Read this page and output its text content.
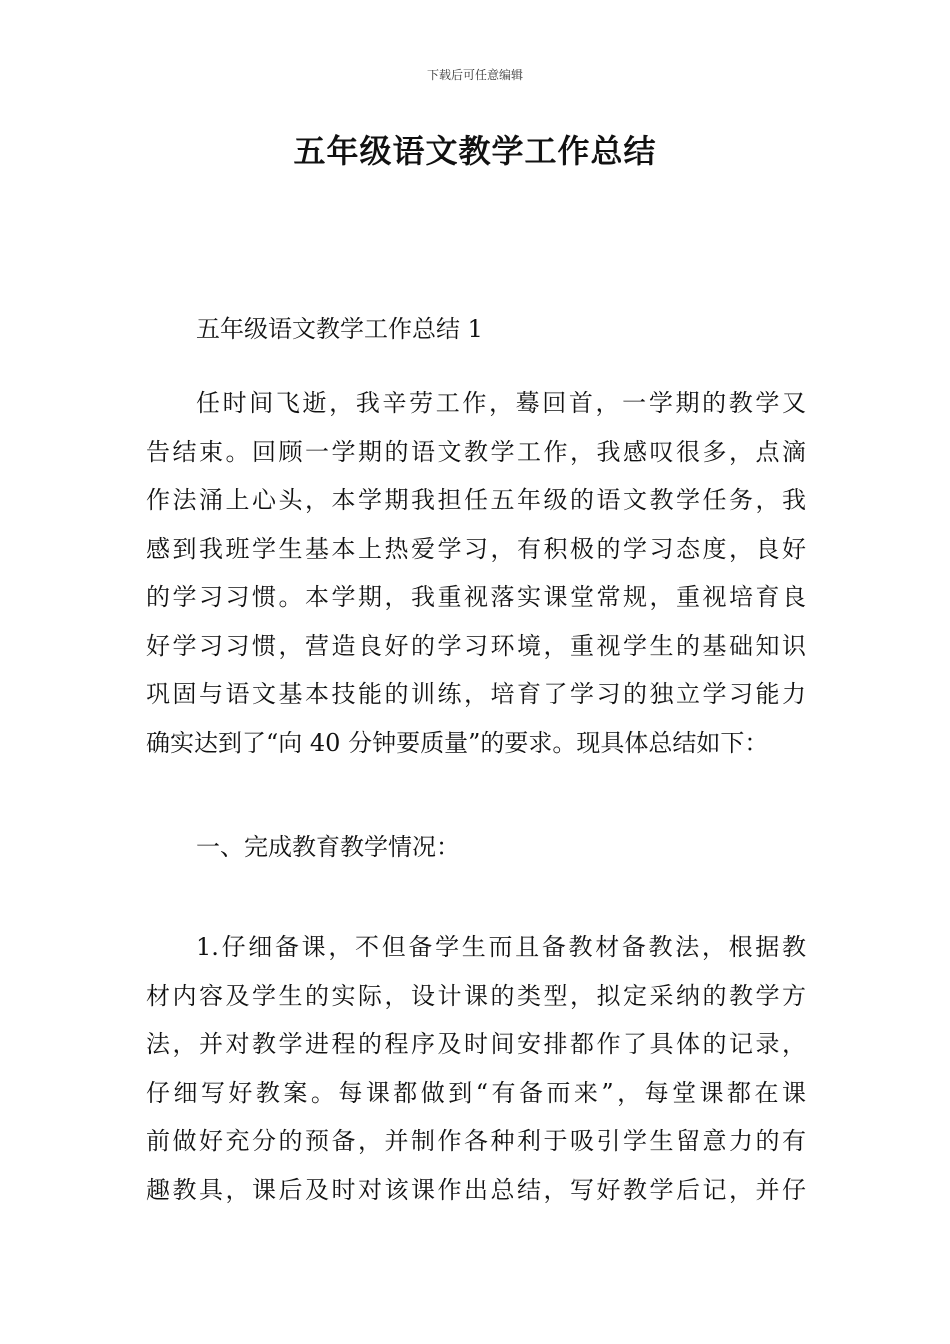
下载后可任意编辑
五年级语文教学工作总结
五年级语文教学工作总结 1
任时间飞逝，我辛劳工作，蓦回首，一学期的教学又
告结束。回顾一学期的语文教学工作，我感叹很多，点滴
作法涌上心头，本学期我担任五年级的语文教学任务，我
感到我班学生基本上热爱学习，有积极的学习态度，良好
的学习习惯。本学期，我重视落实课堂常规，重视培育良
好学习习惯，营造良好的学习环境，重视学生的基础知识
巩固与语文基本技能的训练，培育了学习的独立学习能力
确实达到了“向 40 分钟要质量”的要求。现具体总结如下：
一、完成教育教学情况：
1.仔细备课，不但备学生而且备教材备教法，根据教
材内容及学生的实际，设计课的类型，拟定采纳的教学方
法，并对教学进程的程序及时间安排都作了具体的记录，
仔细写好教案。每课都做到“有备而来”，每堂课都在课
前做好充分的预备，并制作各种利于吸引学生留意力的有
趣教具，课后及时对该课作出总结，写好教学后记，并仔
